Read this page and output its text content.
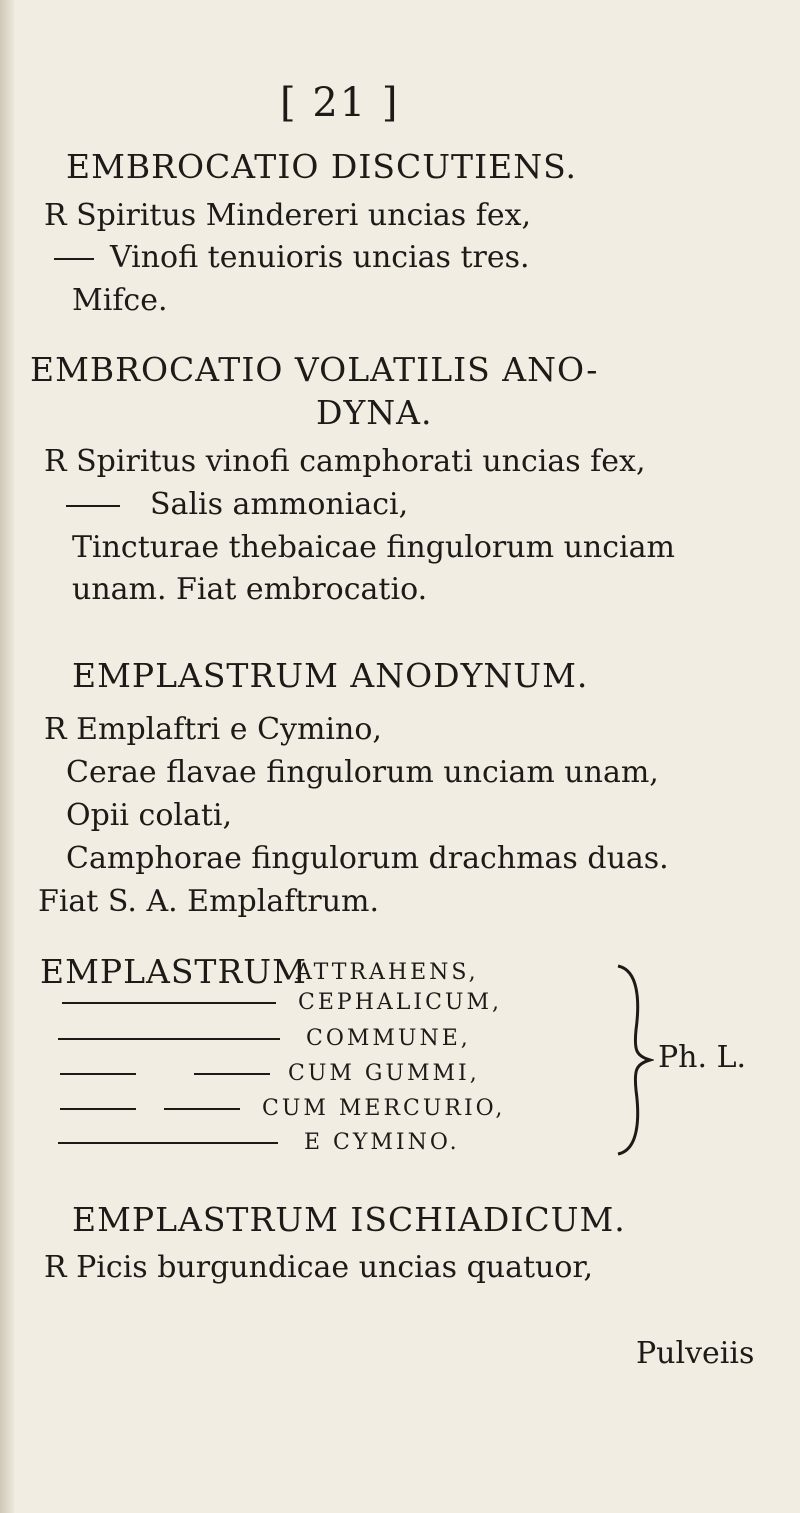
[ 21 ]
EMBROCATIO DISCUTIENS.
R Spiritus Mindereri uncias fex,
Vinofi tenuioris uncias tres.
Mifce.
EMBROCATIO VOLATILIS ANO-
DYNA.
R Spiritus vinofi camphorati uncias fex,
Salis ammoniaci,
Tincturae thebaicae fingulorum unciam
unam. Fiat embrocatio.
EMPLASTRUM ANODYNUM.
R Emplaftri e Cymino,
Cerae flavae fingulorum unciam unam,
Opii colati,
Camphorae fingulorum drachmas duas.
Fiat S. A. Emplaftrum.
EMPLASTRUM
ATTRAHENS,
CEPHALICUM,
COMMUNE,
CUM GUMMI,
CUM MERCURIO,
E CYMINO.
Ph. L.
EMPLASTRUM ISCHIADICUM.
R Picis burgundicae uncias quatuor,
Pulveiis
